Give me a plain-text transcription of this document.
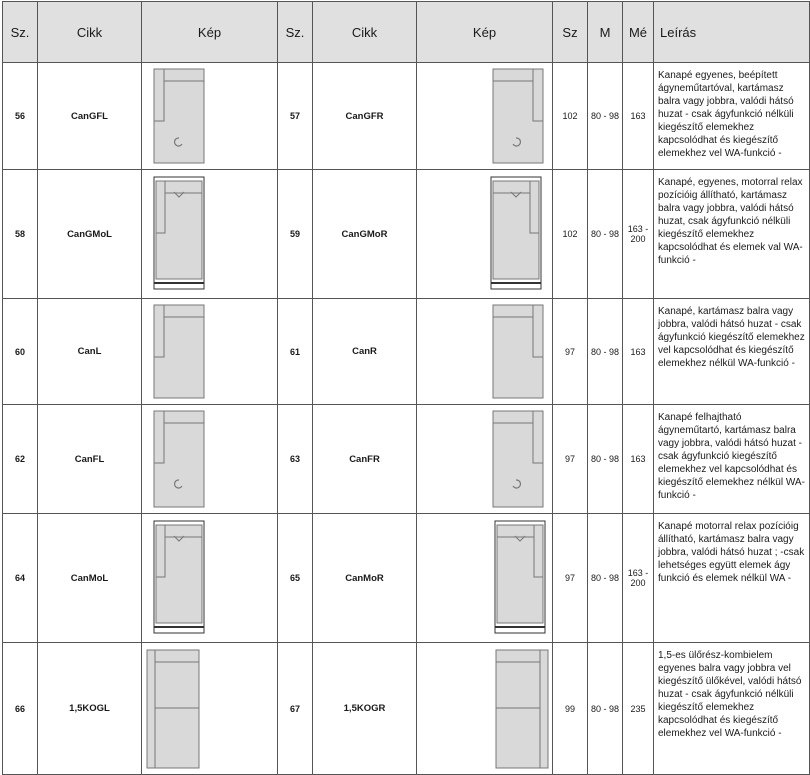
Sz.	Cikk	Kép	Sz.	Cikk	Kép	Sz	M	Mé	Leírás
56	CanGFL		57	CanGFR		102	80 - 98	163	Kanapé egyenes, beépített ágyneműtartóval, kartámasz balra vagy jobbra, valódi hátsó huzat - csak ágyfunkció nélküli kiegészítő elemekhez kapcsolódhat és kiegészítő elemekhez vel WA-funkció -
58	CanGMoL		59	CanGMoR		102	80 - 98	163 - 200	Kanapé, egyenes, motorral relax pozícióig állítható, kartámasz balra vagy jobbra, valódi hátsó huzat, csak ágyfunkció nélküli kiegészítő elemekhez kapcsolódhat és elemek val WA-funkció -
60	CanL		61	CanR		97	80 - 98	163	Kanapé, kartámasz balra vagy jobbra, valódi hátsó huzat - csak ágyfunkció kiegészítő elemekhez vel kapcsolódhat és kiegészítő elemekhez nélkül WA-funkció -
62	CanFL		63	CanFR		97	80 - 98	163	Kanapé felhajtható ágyneműtartó, kartámasz balra vagy jobbra, valódi hátsó huzat - csak ágyfunkció kiegészítő elemekhez vel kapcsolódhat és kiegészítő elemekhez nélkül WA-funkció -
64	CanMoL		65	CanMoR		97	80 - 98	163 - 200	Kanapé motorral relax pozícióig állítható, kartámasz balra vagy jobbra, valódi hátsó huzat ; -csak lehetséges együtt elemek ágy funkció és elemek nélkül WA -
66	1,5KOGL		67	1,5KOGR		99	80 - 98	235	1,5-es ülőrész-kombielem egyenes balra vagy jobbra vel kiegészítő ülőkével, valódi hátsó huzat - csak ágyfunkció nélküli kiegészítő elemekhez kapcsolódhat és kiegészítő elemekhez vel WA-funkció -
